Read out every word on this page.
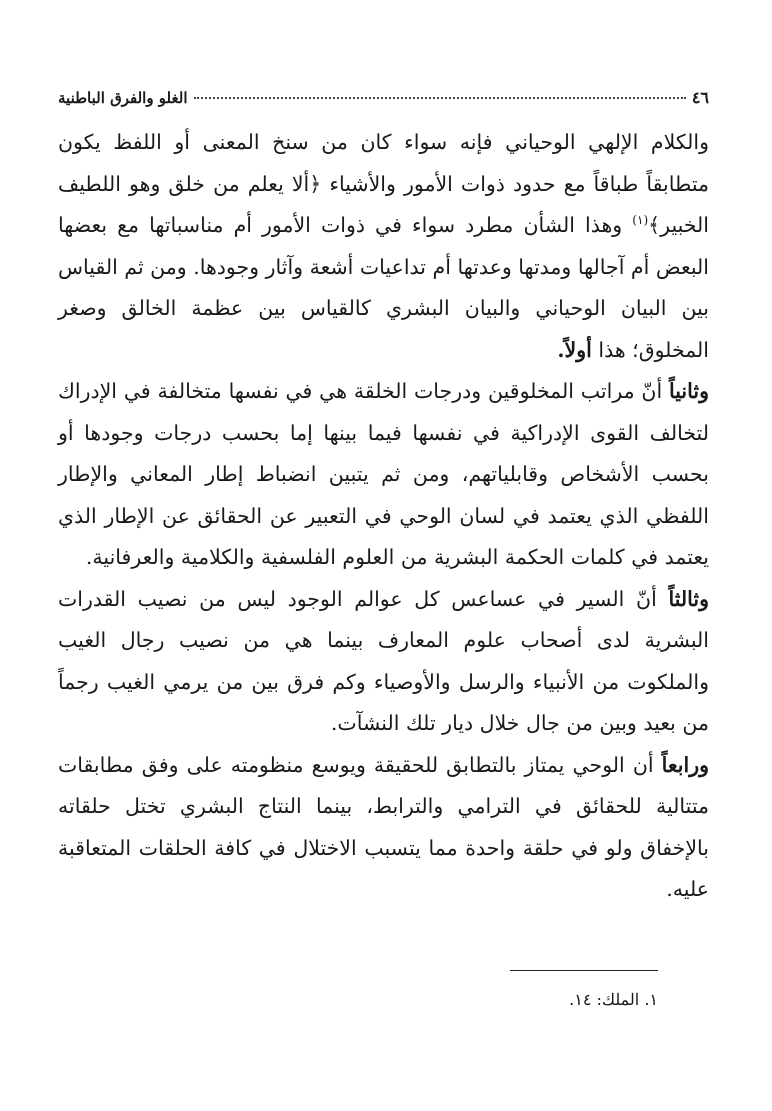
٤٦
الغلو والفرق الباطنية

والكلام الإلهي الوحياني فإنه سواء كان من سنخ المعنى أو اللفظ يكون متطابقاً طباقاً مع حدود ذوات الأمور والأشياء ﴿ألا يعلم من خلق وهو اللطيف الخبير﴾$^{(١)}$ وهذا الشأن مطرد سواء في ذوات الأمور أم مناسباتها مع بعضها البعض أم آجالها ومدتها وعدتها أم تداعيات أشعة وآثار وجودها. ومن ثم القياس بين البيان الوحياني والبيان البشري كالقياس بين عظمة الخالق وصغر المخلوق؛ هذا أولاً.

وثانياً أنّ مراتب المخلوقين ودرجات الخلقة هي في نفسها متخالفة في الإدراك لتخالف القوى الإدراكية في نفسها فيما بينها إما بحسب درجات وجودها أو بحسب الأشخاص وقابلياتهم، ومن ثم يتبين انضباط إطار المعاني والإطار اللفظي الذي يعتمد في لسان الوحي في التعبير عن الحقائق عن الإطار الذي يعتمد في كلمات الحكمة البشرية من العلوم الفلسفية والكلامية والعرفانية.

وثالثاً أنّ السير في عساعس كل عوالم الوجود ليس من نصيب القدرات البشرية لدى أصحاب علوم المعارف بينما هي من نصيب رجال الغيب والملكوت من الأنبياء والرسل والأوصياء وكم فرق بين من يرمي الغيب رجماً من بعيد وبين من جال خلال ديار تلك النشآت.

ورابعاً أن الوحي يمتاز بالتطابق للحقيقة ويوسع منظومته على وفق مطابقات متتالية للحقائق في الترامي والترابط، بينما النتاج البشري تختل حلقاته بالإخفاق ولو في حلقة واحدة مما يتسبب الاختلال في كافة الحلقات المتعاقبة عليه.

١. الملك: ١٤.
